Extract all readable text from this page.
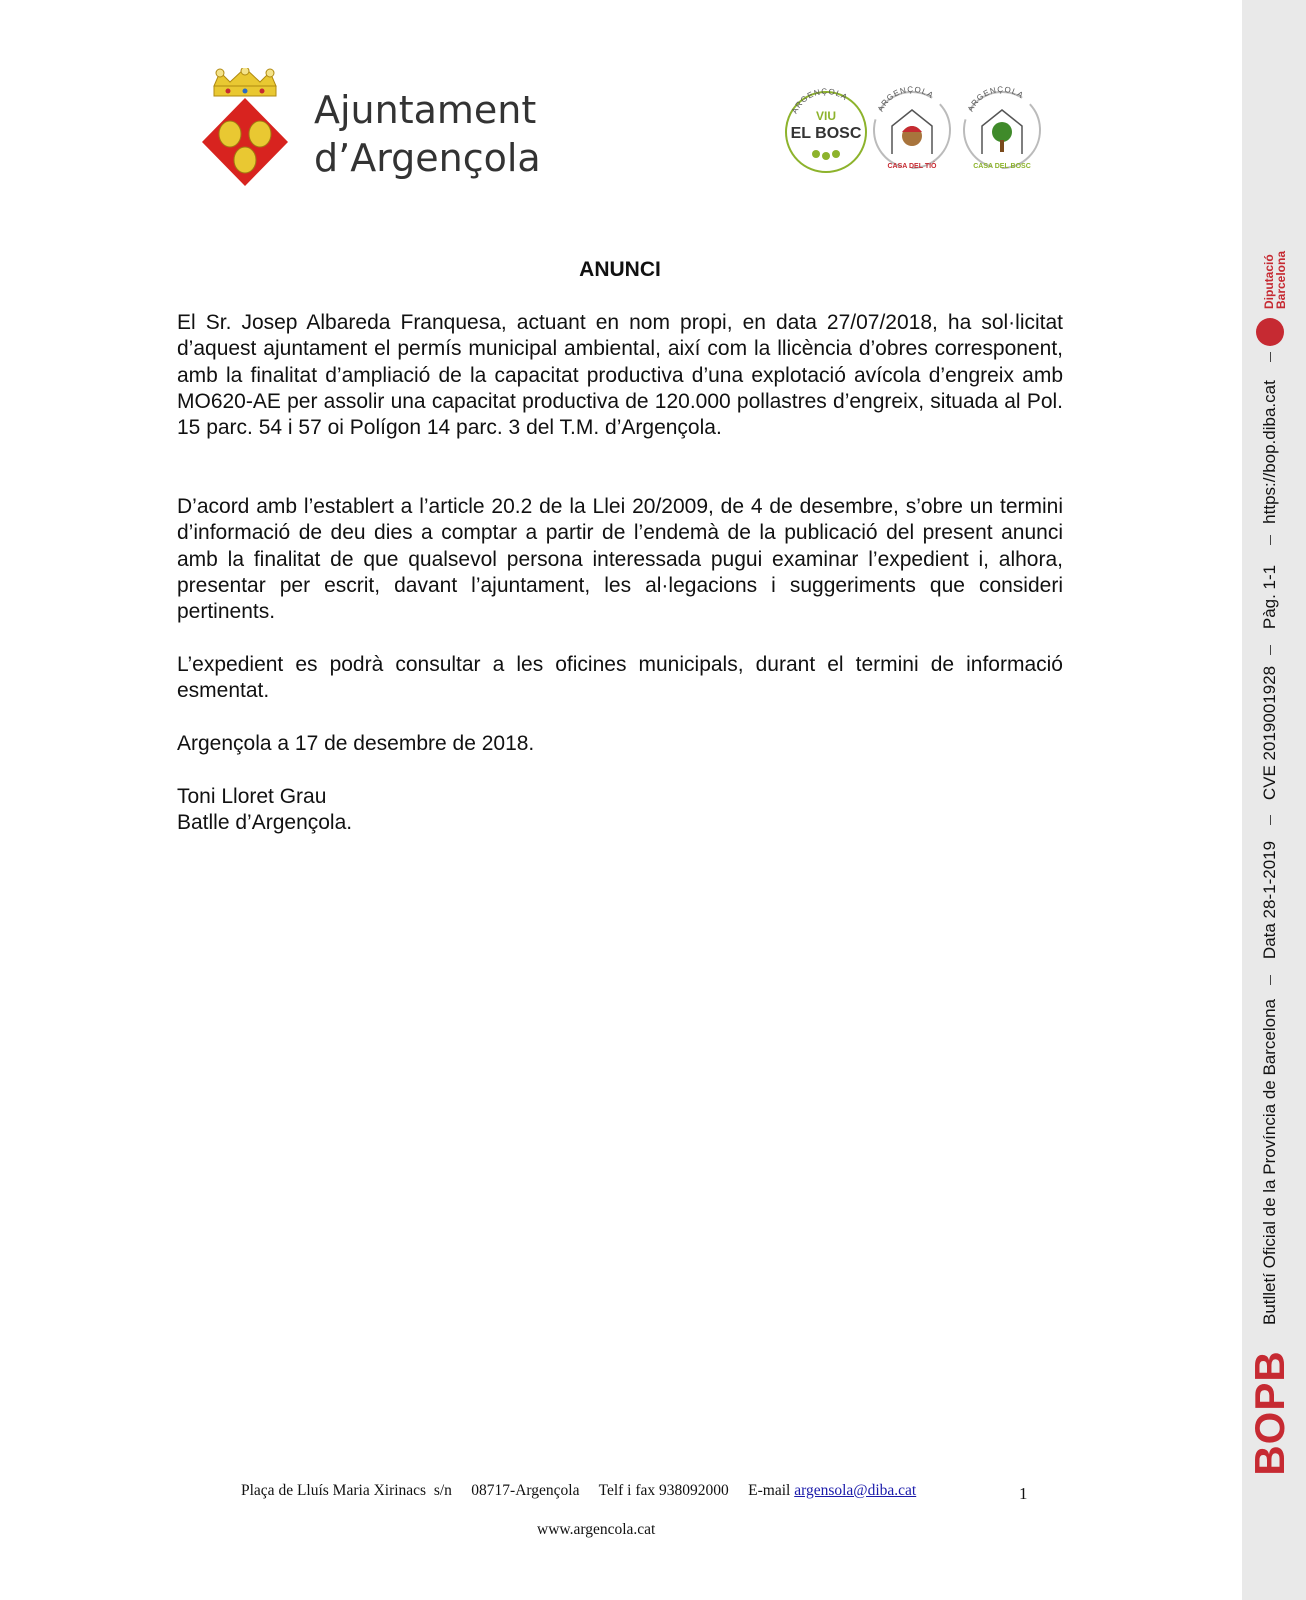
Ajuntament
d’Argençola
ARGENÇOLA
VIU
EL BOSC
ARGENÇOLA
CASA DEL TIÓ
ARGENÇOLA
CASA DEL BOSC
ANUNCI
El Sr. Josep Albareda Franquesa, actuant en nom propi, en data 27/07/2018, ha sol·licitat d’aquest ajuntament el permís municipal ambiental, així com la llicència d’obres corresponent, amb la finalitat d’ampliació de la capacitat productiva d’una explotació avícola d’engreix amb MO620-AE per assolir una capacitat productiva de 120.000 pollastres d’engreix, situada al Pol. 15 parc. 54 i 57 oi Polígon 14 parc. 3 del T.M. d’Argençola.
D’acord amb l’establert a l’article 20.2 de la Llei 20/2009, de 4 de desembre, s’obre un termini d’informació de deu dies a comptar a partir de l’endemà de la publicació del present anunci amb la finalitat de que qualsevol persona interessada pugui examinar l’expedient i, alhora, presentar per escrit, davant l’ajuntament, les al·legacions i suggeriments que consideri pertinents.
L’expedient es podrà consultar a les oficines municipals, durant el termini de informació esmentat.
Argençola a 17 de desembre de 2018.
Toni Lloret Grau
Batlle d’Argençola.
Plaça de Lluís Maria Xirinacs  s/n     08717-Argençola     Telf i fax 938092000     E-mail argensola@diba.cat	1
www.argencola.cat
Diputació
Barcelona
https://bop.diba.cat
Pàg. 1-1
CVE 2019001928
Data 28-1-2019
Butlletí Oficial de la Província de Barcelona
BOPB
